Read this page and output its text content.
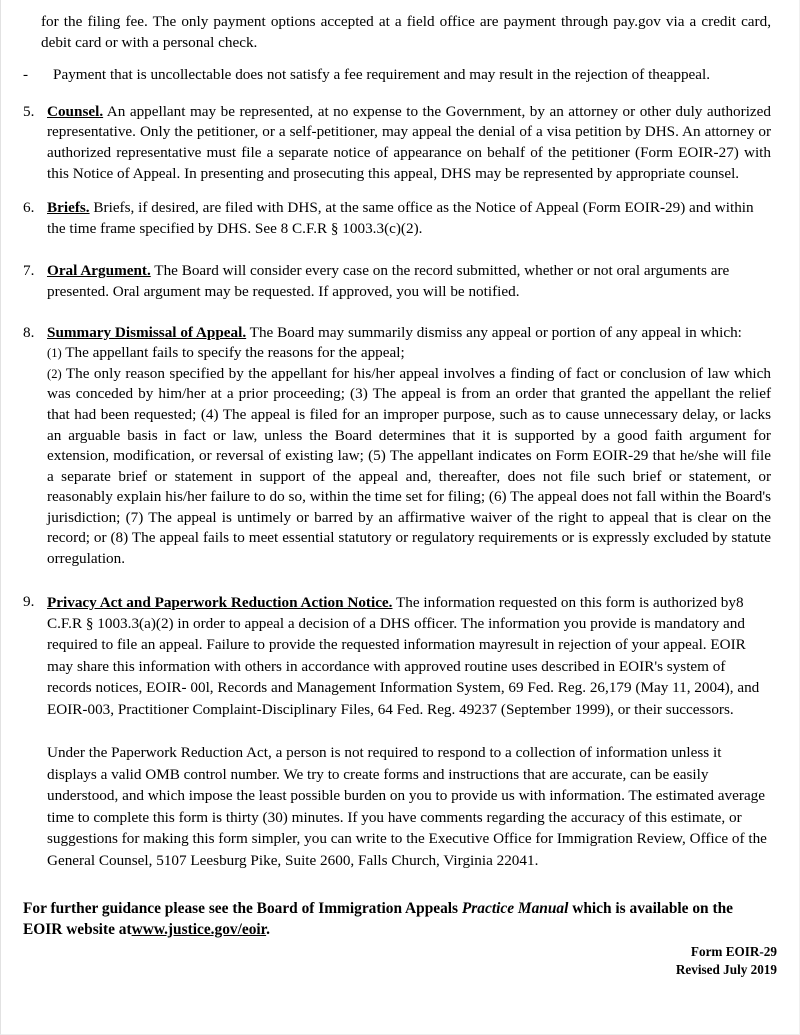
for the filing fee. The only payment options accepted at a field office are payment through pay.gov via a credit card, debit card or with a personal check.

- Payment that is uncollectable does not satisfy a fee requirement and may result in the rejection of theappeal.
5. Counsel. An appellant may be represented, at no expense to the Government, by an attorney or other duly authorized representative. Only the petitioner, or a self-petitioner, may appeal the denial of a visa petition by DHS. An attorney or authorized representative must file a separate notice of appearance on behalf of the petitioner (Form EOIR-27) with this Notice of Appeal. In presenting and prosecuting this appeal, DHS may be represented by appropriate counsel.
6. Briefs. Briefs, if desired, are filed with DHS, at the same office as the Notice of Appeal (Form EOIR-29) and within the time frame specified by DHS. See 8 C.F.R § 1003.3(c)(2).
7. Oral Argument. The Board will consider every case on the record submitted, whether or not oral arguments are presented. Oral argument may be requested. If approved, you will be notified.
8. Summary Dismissal of Appeal. The Board may summarily dismiss any appeal or portion of any appeal in which:
(1) The appellant fails to specify the reasons for the appeal;
(2) The only reason specified by the appellant for his/her appeal involves a finding of fact or conclusion of law which was conceded by him/her at a prior proceeding; (3) The appeal is from an order that granted the appellant the relief that had been requested; (4) The appeal is filed for an improper purpose, such as to cause unnecessary delay, or lacks an arguable basis in fact or law, unless the Board determines that it is supported by a good faith argument for extension, modification, or reversal of existing law; (5) The appellant indicates on Form EOIR-29 that he/she will file a separate brief or statement in support of the appeal and, thereafter, does not file such brief or statement, or reasonably explain his/her failure to do so, within the time set for filing; (6) The appeal does not fall within the Board's jurisdiction; (7) The appeal is untimely or barred by an affirmative waiver of the right to appeal that is clear on the record; or (8) The appeal fails to meet essential statutory or regulatory requirements or is expressly excluded by statute orregulation.
9. Privacy Act and Paperwork Reduction Action Notice. The information requested on this form is authorized by8 C.F.R § 1003.3(a)(2) in order to appeal a decision of a DHS officer. The information you provide is mandatory and required to file an appeal. Failure to provide the requested information mayresult in rejection of your appeal. EOIR may share this information with others in accordance with approved routine uses described in EOIR's system of records notices, EOIR- 00l, Records and Management Information System, 69 Fed. Reg. 26,179 (May 11, 2004), and EOIR-003, Practitioner Complaint-Disciplinary Files, 64 Fed. Reg. 49237 (September 1999), or their successors.

Under the Paperwork Reduction Act, a person is not required to respond to a collection of information unless it displays a valid OMB control number. We try to create forms and instructions that are accurate, can be easily understood, and which impose the least possible burden on you to provide us with information. The estimated average time to complete this form is thirty (30) minutes. If you have comments regarding the accuracy of this estimate, or suggestions for making this form simpler, you can write to the Executive Office for Immigration Review, Office of the General Counsel, 5107 Leesburg Pike, Suite 2600, Falls Church, Virginia 22041.

For further guidance please see the Board of Immigration Appeals Practice Manual which is available on the EOIR website atwww.justice.gov/eoir.

Form EOIR-29
Revised July 2019
